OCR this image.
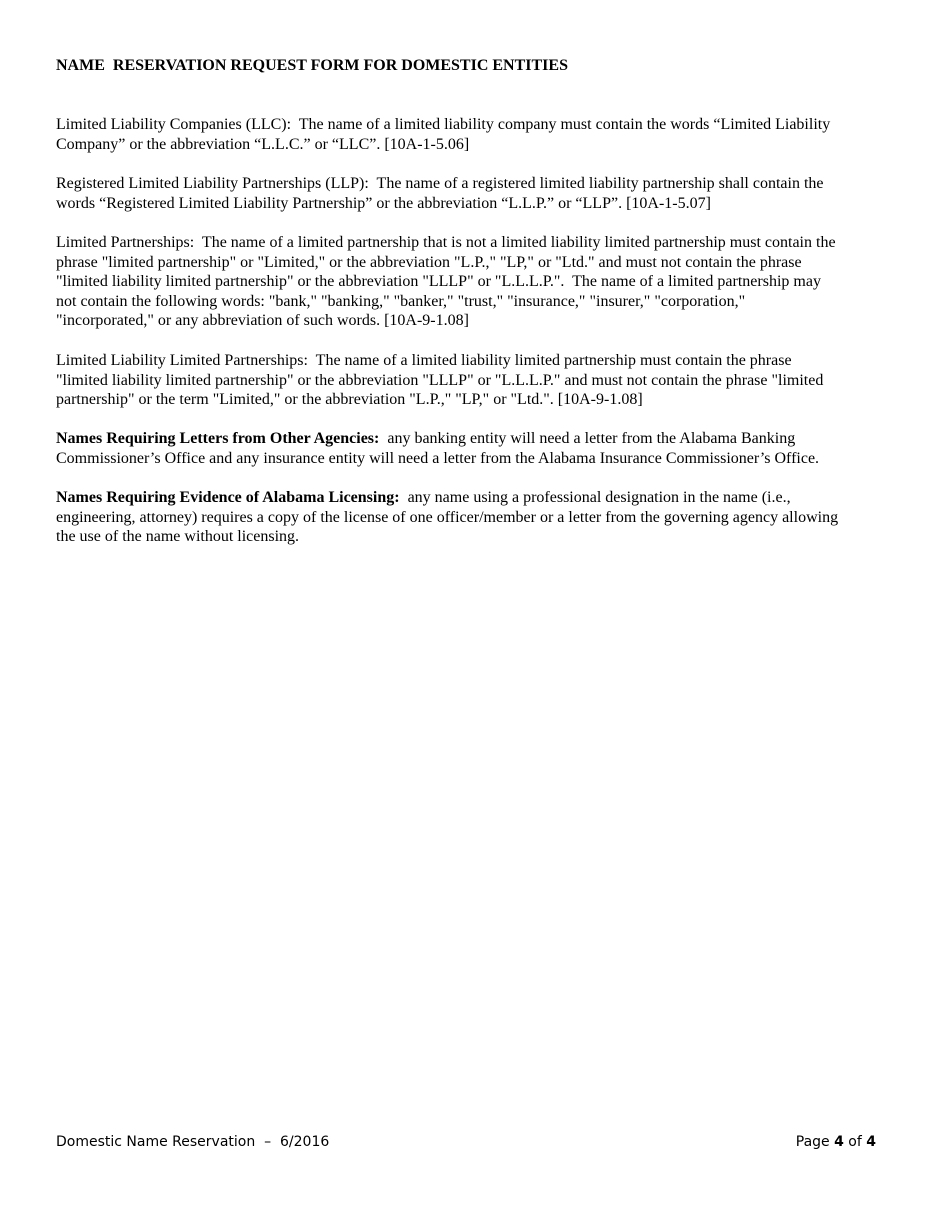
NAME  RESERVATION REQUEST FORM FOR DOMESTIC ENTITIES
Limited Liability Companies (LLC):  The name of a limited liability company must contain the words “Limited Liability
Company” or the abbreviation “L.L.C.” or “LLC”. [10A-1-5.06]
Registered Limited Liability Partnerships (LLP):  The name of a registered limited liability partnership shall contain the
words “Registered Limited Liability Partnership” or the abbreviation “L.L.P.” or “LLP”. [10A-1-5.07]
Limited Partnerships:  The name of a limited partnership that is not a limited liability limited partnership must contain the
phrase "limited partnership" or "Limited," or the abbreviation "L.P.," "LP," or "Ltd." and must not contain the phrase
"limited liability limited partnership" or the abbreviation "LLLP" or "L.L.L.P.".  The name of a limited partnership may
not contain the following words: "bank," "banking," "banker," "trust," "insurance," "insurer," "corporation,"
"incorporated," or any abbreviation of such words. [10A-9-1.08]
Limited Liability Limited Partnerships:  The name of a limited liability limited partnership must contain the phrase
"limited liability limited partnership" or the abbreviation "LLLP" or "L.L.L.P." and must not contain the phrase "limited
partnership" or the term "Limited," or the abbreviation "L.P.," "LP," or "Ltd.". [10A-9-1.08]
Names Requiring Letters from Other Agencies:  any banking entity will need a letter from the Alabama Banking
Commissioner’s Office and any insurance entity will need a letter from the Alabama Insurance Commissioner’s Office.
Names Requiring Evidence of Alabama Licensing:  any name using a professional designation in the name (i.e.,
engineering, attorney) requires a copy of the license of one officer/member or a letter from the governing agency allowing
the use of the name without licensing.
Domestic Name Reservation  –  6/2016	Page 4 of 4
